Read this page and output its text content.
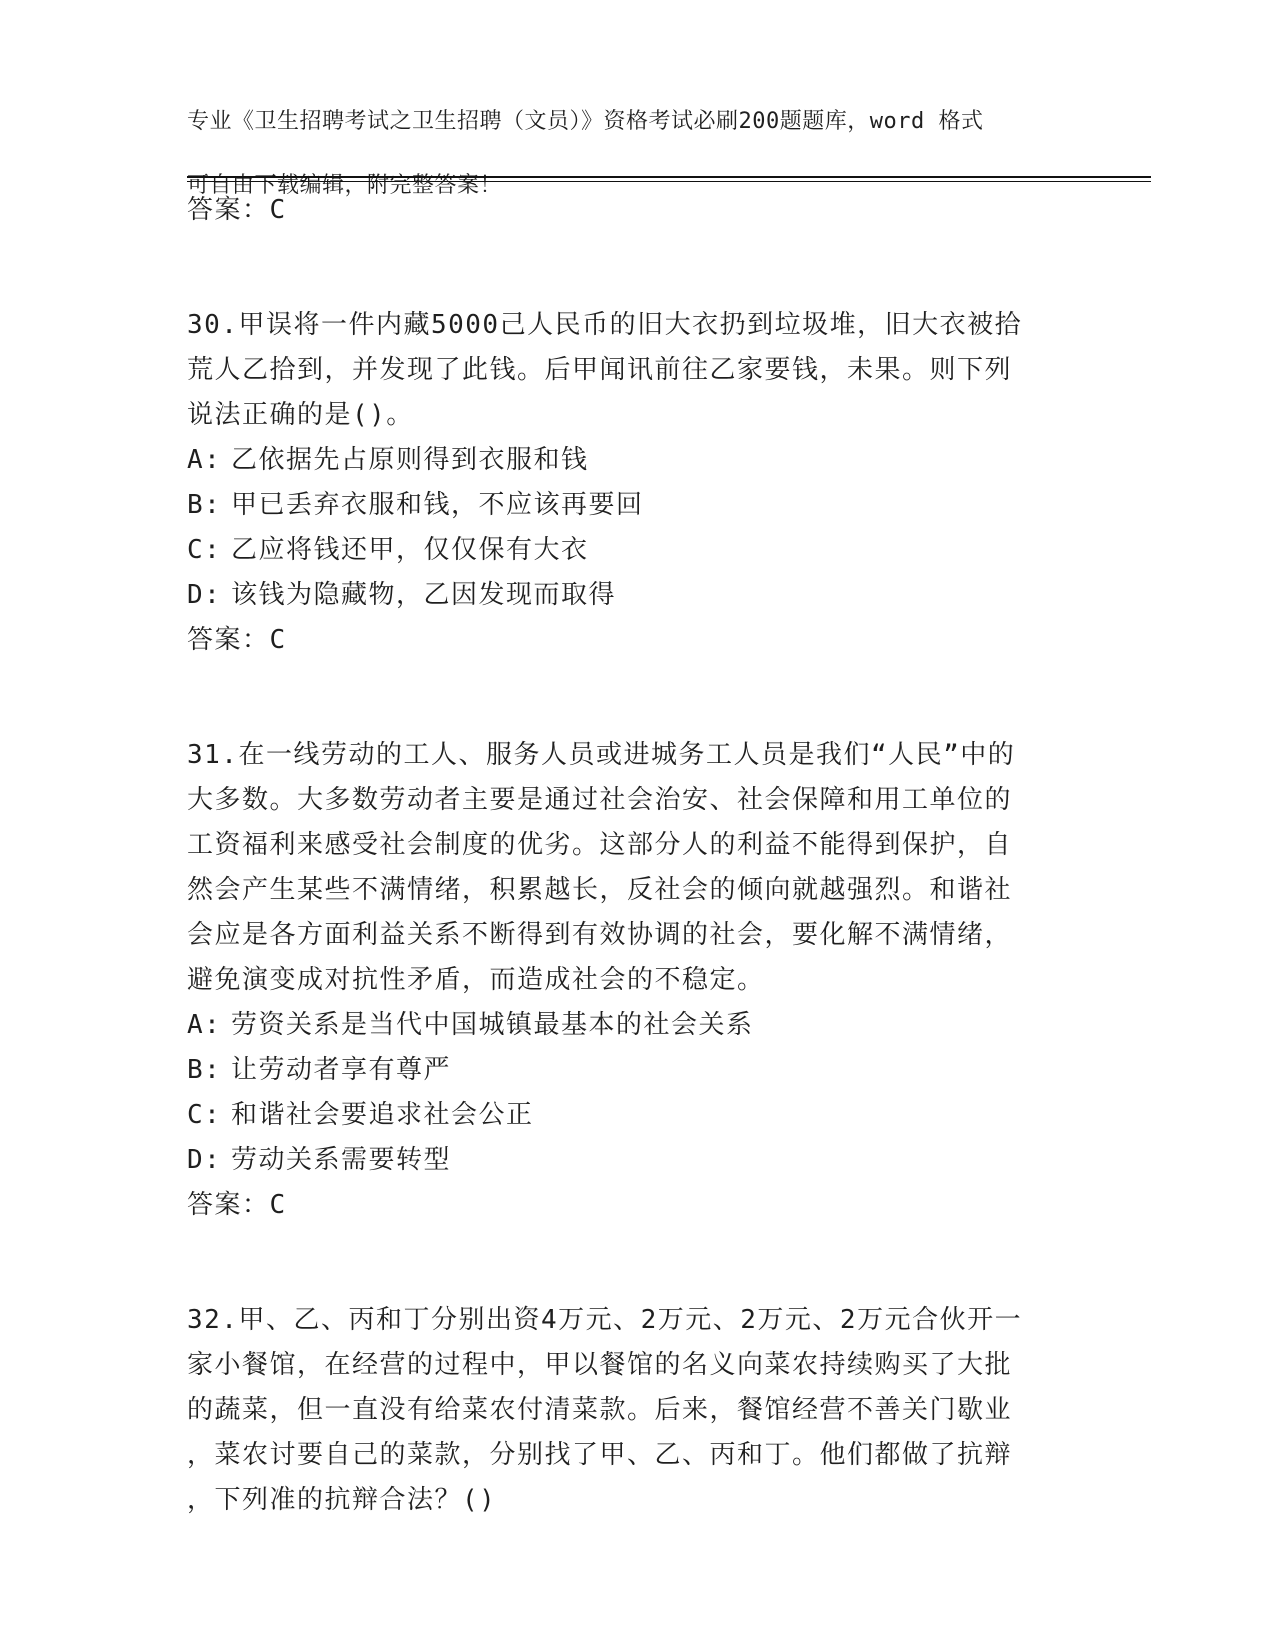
专业《卫生招聘考试之卫生招聘（文员）》资格考试必刷200题题库，word 格式

可自由下载编辑，附完整答案！

答案：C
30.甲误将一件内藏5000己人民币的旧大衣扔到垃圾堆，旧大衣被拾
荒人乙拾到，并发现了此钱。后甲闻讯前往乙家要钱，未果。则下列
说法正确的是()。
A: 乙依据先占原则得到衣服和钱
B: 甲已丢弃衣服和钱，不应该再要回
C: 乙应将钱还甲，仅仅保有大衣
D: 该钱为隐藏物，乙因发现而取得
答案：C
31.在一线劳动的工人、服务人员或进城务工人员是我们“人民”中的
大多数。大多数劳动者主要是通过社会治安、社会保障和用工单位的
工资福利来感受社会制度的优劣。这部分人的利益不能得到保护，自
然会产生某些不满情绪，积累越长，反社会的倾向就越强烈。和谐社
会应是各方面利益关系不断得到有效协调的社会，要化解不满情绪，
避免演变成对抗性矛盾，而造成社会的不稳定。
A: 劳资关系是当代中国城镇最基本的社会关系
B: 让劳动者享有尊严
C: 和谐社会要追求社会公正
D: 劳动关系需要转型
答案：C
32.甲、乙、丙和丁分别出资4万元、2万元、2万元、2万元合伙开一
家小餐馆，在经营的过程中，甲以餐馆的名义向菜农持续购买了大批
的蔬菜，但一直没有给菜农付清菜款。后来，餐馆经营不善关门歇业
，菜农讨要自己的菜款，分别找了甲、乙、丙和丁。他们都做了抗辩
，下列准的抗辩合法？()
